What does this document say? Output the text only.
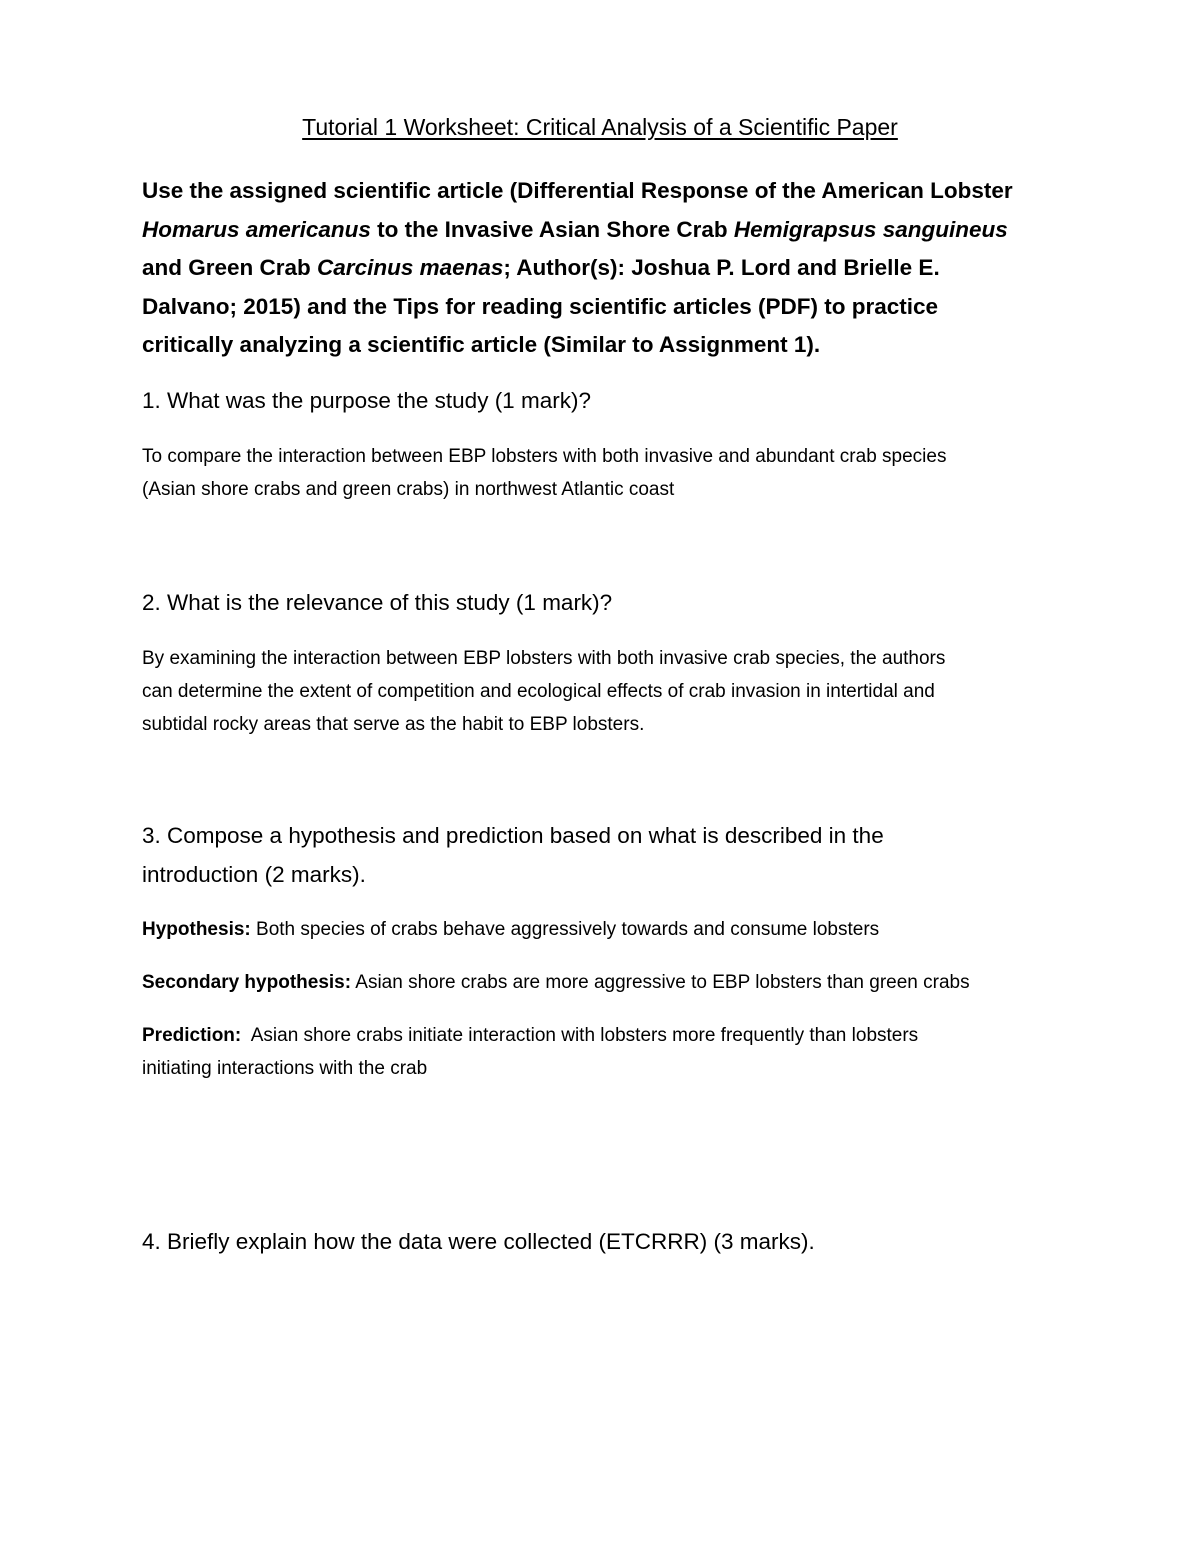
Tutorial 1 Worksheet: Critical Analysis of a Scientific Paper
Use the assigned scientific article (Differential Response of the American Lobster
Homarus americanus to the Invasive Asian Shore Crab Hemigrapsus sanguineus
and Green Crab Carcinus maenas; Author(s): Joshua P. Lord and Brielle E.
Dalvano; 2015) and the Tips for reading scientific articles (PDF) to practice
critically analyzing a scientific article (Similar to Assignment 1).
1. What was the purpose the study (1 mark)?
To compare the interaction between EBP lobsters with both invasive and abundant crab species
(Asian shore crabs and green crabs) in northwest Atlantic coast
2. What is the relevance of this study (1 mark)?
By examining the interaction between EBP lobsters with both invasive crab species, the authors
can determine the extent of competition and ecological effects of crab invasion in intertidal and
subtidal rocky areas that serve as the habit to EBP lobsters.
3. Compose a hypothesis and prediction based on what is described in the
introduction (2 marks).
Hypothesis: Both species of crabs behave aggressively towards and consume lobsters
Secondary hypothesis: Asian shore crabs are more aggressive to EBP lobsters than green crabs
Prediction:  Asian shore crabs initiate interaction with lobsters more frequently than lobsters
initiating interactions with the crab
4. Briefly explain how the data were collected (ETCRRR) (3 marks).
